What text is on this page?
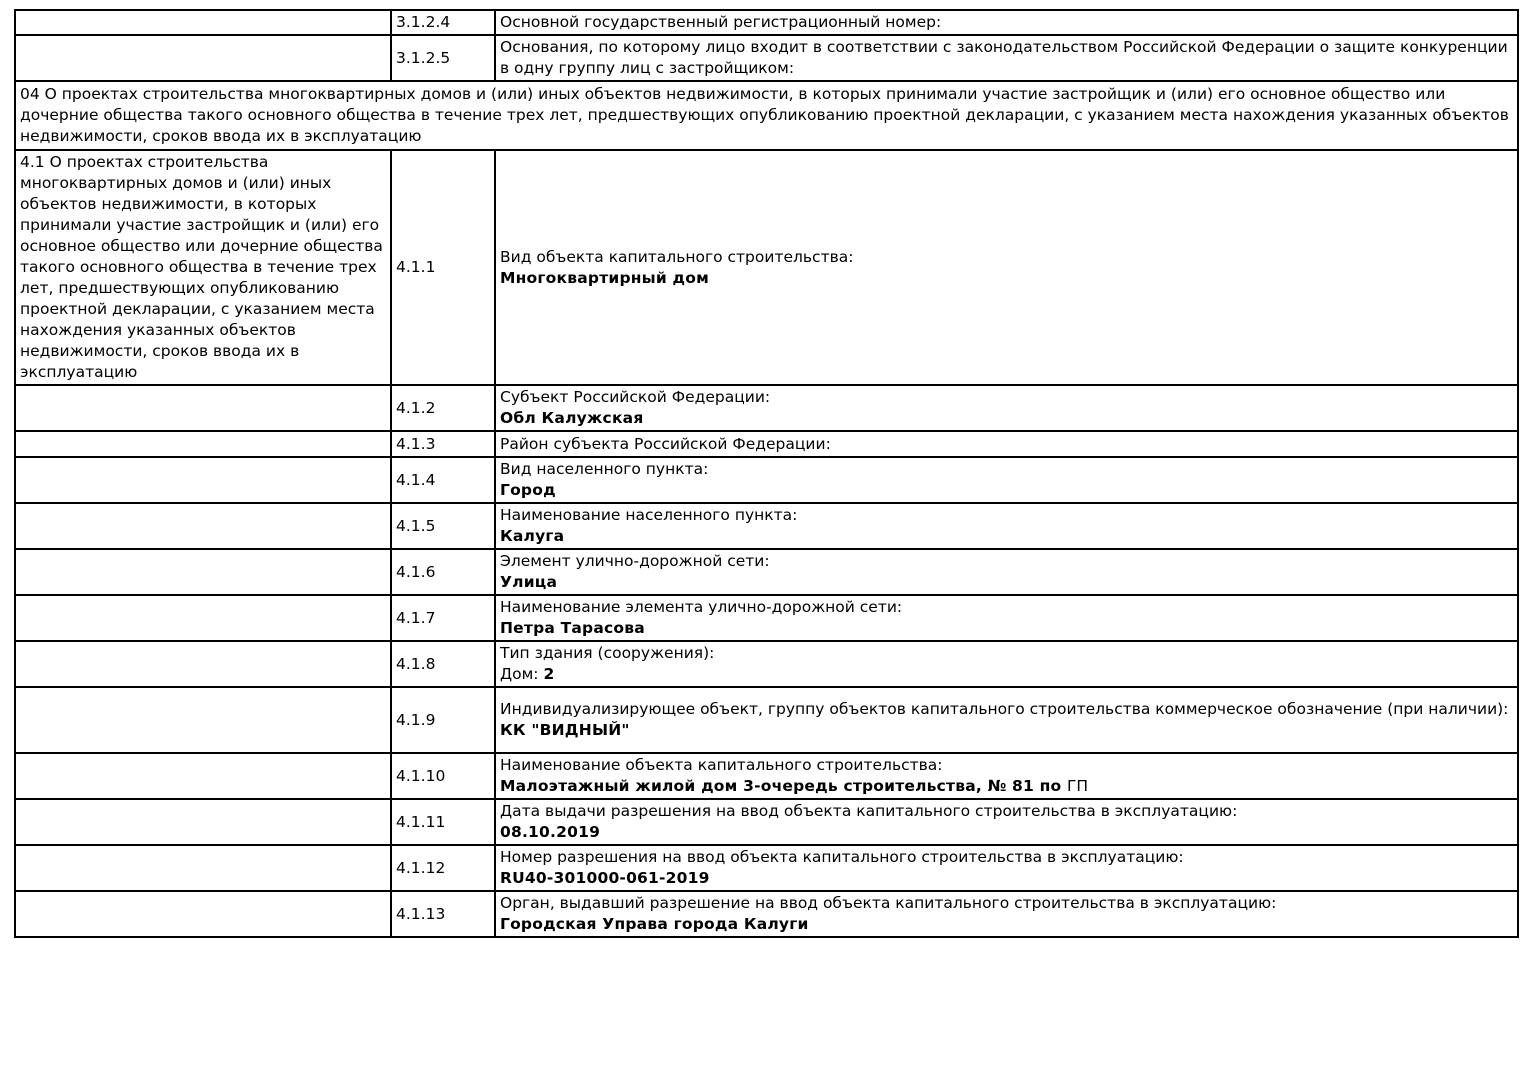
	3.1.2.4	Основной государственный регистрационный номер:

	3.1.2.5	Основания, по которому лицо входит в соответствии с законодательством Российской Федерации о защите конкуренции в одну группу лиц с застройщиком:

04 О проектах строительства многоквартирных домов и (или) иных объектов недвижимости, в которых принимали участие застройщик и (или) его основное общество или дочерние общества такого основного общества в течение трех лет, предшествующих опубликованию проектной декларации, с указанием места нахождения указанных объектов недвижимости, сроков ввода их в эксплуатацию		
4.1 О проектах строительства многоквартирных домов и (или) иных объектов недвижимости, в которых принимали участие застройщик и (или) его основное общество или дочерние общества такого основного общества в течение трех лет, предшествующих опубликованию проектной декларации, с указанием места нахождения указанных объектов недвижимости, сроков ввода их в эксплуатацию	4.1.1	Вид объекта капитального строительства:
Многоквартирный дом

	4.1.2	Субъект Российской Федерации:
Обл Калужская

	4.1.3	Район субъекта Российской Федерации:

	4.1.4	Вид населенного пункта:
Город

	4.1.5	Наименование населенного пункта:
Калуга

	4.1.6	Элемент улично-дорожной сети:
Улица

	4.1.7	Наименование элемента улично-дорожной сети:
Петра Тарасова

	4.1.8	Тип здания (сооружения):
Дом: 2

	4.1.9	Индивидуализирующее объект, группу объектов капитального строительства коммерческое обозначение (при наличии):
КК "ВИДНЫЙ"

	4.1.10	Наименование объекта капитального строительства:
Малоэтажный жилой дом 3-очередь строительства, № 81 по ГП

	4.1.11	Дата выдачи разрешения на ввод объекта капитального строительства в эксплуатацию:
08.10.2019

	4.1.12	Номер разрешения на ввод объекта капитального строительства в эксплуатацию:
RU40-301000-061-2019

	4.1.13	Орган, выдавший разрешение на ввод объекта капитального строительства в эксплуатацию:
Городская Управа города Калуги
